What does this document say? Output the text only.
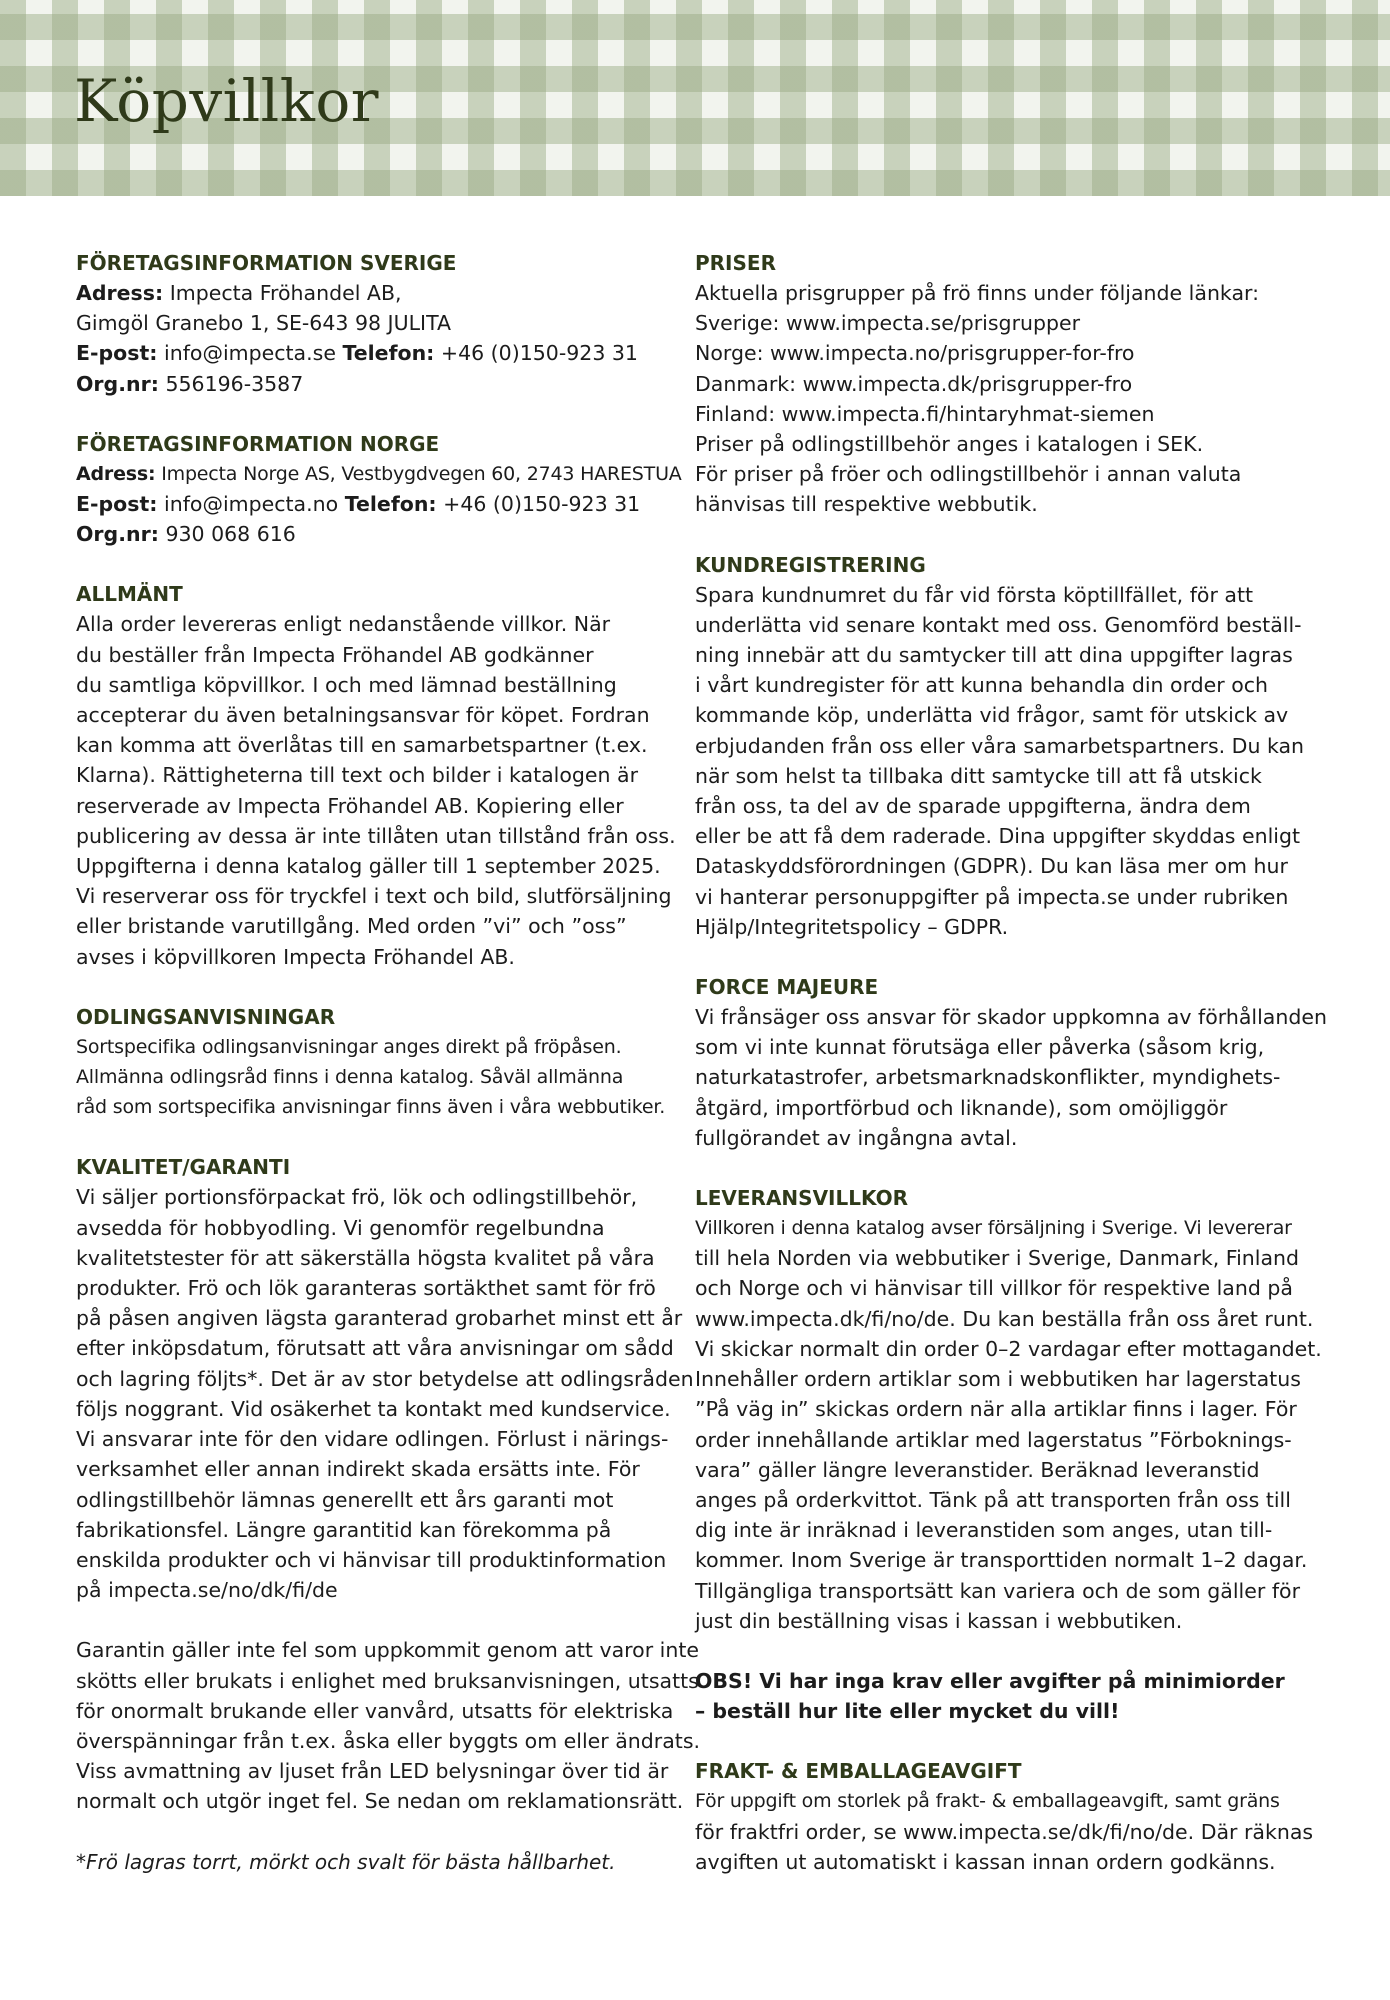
Köpvillkor

FÖRETAGSINFORMATION SVERIGE

Adress: Impecta Fröhandel AB,

Gimgöl Granebo 1, SE-643 98 JULITA

E-post: info@impecta.se Telefon: +46 (0)150-923 31

Org.nr: 556196-3587

FÖRETAGSINFORMATION NORGE

Adress: Impecta Norge AS, Vestbygdvegen 60, 2743 HARESTUA

E-post: info@impecta.no Telefon: +46 (0)150-923 31

Org.nr: 930 068 616

ALLMÄNT

Alla order levereras enligt nedanstående villkor. När

du beställer från Impecta Fröhandel AB godkänner

du samtliga köpvillkor. I och med lämnad beställning

accepterar du även betalningsansvar för köpet. Fordran

kan komma att överlåtas till en samarbetspartner (t.ex.

Klarna). Rättigheterna till text och bilder i katalogen är

reserverade av Impecta Fröhandel AB. Kopiering eller

publicering av dessa är inte tillåten utan tillstånd från oss.

Uppgifterna i denna katalog gäller till 1 september 2025.

Vi reserverar oss för tryckfel i text och bild, slutförsäljning

eller bristande varutillgång. Med orden ”vi” och ”oss”

avses i köpvillkoren Impecta Fröhandel AB.

ODLINGSANVISNINGAR

Sortspecifika odlingsanvisningar anges direkt på fröpåsen.

Allmänna odlingsråd finns i denna katalog. Såväl allmänna

råd som sortspecifika anvisningar finns även i våra webbutiker.

KVALITET/GARANTI

Vi säljer portionsförpackat frö, lök och odlingstillbehör,

avsedda för hobbyodling. Vi genomför regelbundna

kvalitetstester för att säkerställa högsta kvalitet på våra

produkter. Frö och lök garanteras sortäkthet samt för frö

på påsen angiven lägsta garanterad grobarhet minst ett år

efter inköpsdatum, förutsatt att våra anvisningar om sådd

och lagring följts*. Det är av stor betydelse att odlingsråden

följs noggrant. Vid osäkerhet ta kontakt med kundservice.

Vi ansvarar inte för den vidare odlingen. Förlust i närings-

verksamhet eller annan indirekt skada ersätts inte. För

odlingstillbehör lämnas generellt ett års garanti mot

fabrikationsfel. Längre garantitid kan förekomma på

enskilda produkter och vi hänvisar till produktinformation

på impecta.se/no/dk/fi/de

Garantin gäller inte fel som uppkommit genom att varor inte

skötts eller brukats i enlighet med bruksanvisningen, utsatts

för onormalt brukande eller vanvård, utsatts för elektriska

överspänningar från t.ex. åska eller byggts om eller ändrats.

Viss avmattning av ljuset från LED belysningar över tid är

normalt och utgör inget fel. Se nedan om reklamationsrätt.

*Frö lagras torrt, mörkt och svalt för bästa hållbarhet.

PRISER

Aktuella prisgrupper på frö finns under följande länkar:

Sverige: www.impecta.se/prisgrupper

Norge: www.impecta.no/prisgrupper-for-fro

Danmark: www.impecta.dk/prisgrupper-fro

Finland: www.impecta.fi/hintaryhmat-siemen

Priser på odlingstillbehör anges i katalogen i SEK.

För priser på fröer och odlingstillbehör i annan valuta

hänvisas till respektive webbutik.

KUNDREGISTRERING

Spara kundnumret du får vid första köptillfället, för att

underlätta vid senare kontakt med oss. Genomförd beställ-

ning innebär att du samtycker till att dina uppgifter lagras

i vårt kundregister för att kunna behandla din order och

kommande köp, underlätta vid frågor, samt för utskick av

erbjudanden från oss eller våra samarbetspartners. Du kan

när som helst ta tillbaka ditt samtycke till att få utskick

från oss, ta del av de sparade uppgifterna, ändra dem

eller be att få dem raderade. Dina uppgifter skyddas enligt

Dataskyddsförordningen (GDPR). Du kan läsa mer om hur

vi hanterar personuppgifter på impecta.se under rubriken

Hjälp/Integritetspolicy – GDPR.

FORCE MAJEURE

Vi frånsäger oss ansvar för skador uppkomna av förhållanden

som vi inte kunnat förutsäga eller påverka (såsom krig,

naturkatastrofer, arbetsmarknadskonflikter, myndighets-

åtgärd, importförbud och liknande), som omöjliggör

fullgörandet av ingångna avtal.

LEVERANSVILLKOR

Villkoren i denna katalog avser försäljning i Sverige. Vi levererar

till hela Norden via webbutiker i Sverige, Danmark, Finland

och Norge och vi hänvisar till villkor för respektive land på

www.impecta.dk/fi/no/de. Du kan beställa från oss året runt.

Vi skickar normalt din order 0–2 vardagar efter mottagandet.

Innehåller ordern artiklar som i webbutiken har lagerstatus

”På väg in” skickas ordern när alla artiklar finns i lager. För

order innehållande artiklar med lagerstatus ”Förboknings-

vara” gäller längre leveranstider. Beräknad leveranstid

anges på orderkvittot. Tänk på att transporten från oss till

dig inte är inräknad i leveranstiden som anges, utan till-

kommer. Inom Sverige är transporttiden normalt 1–2 dagar.

Tillgängliga transportsätt kan variera och de som gäller för

just din beställning visas i kassan i webbutiken.

OBS! Vi har inga krav eller avgifter på minimiorder

– beställ hur lite eller mycket du vill!

FRAKT- & EMBALLAGEAVGIFT

För uppgift om storlek på frakt- & emballageavgift, samt gräns

för fraktfri order, se www.impecta.se/dk/fi/no/de. Där räknas

avgiften ut automatiskt i kassan innan ordern godkänns.
